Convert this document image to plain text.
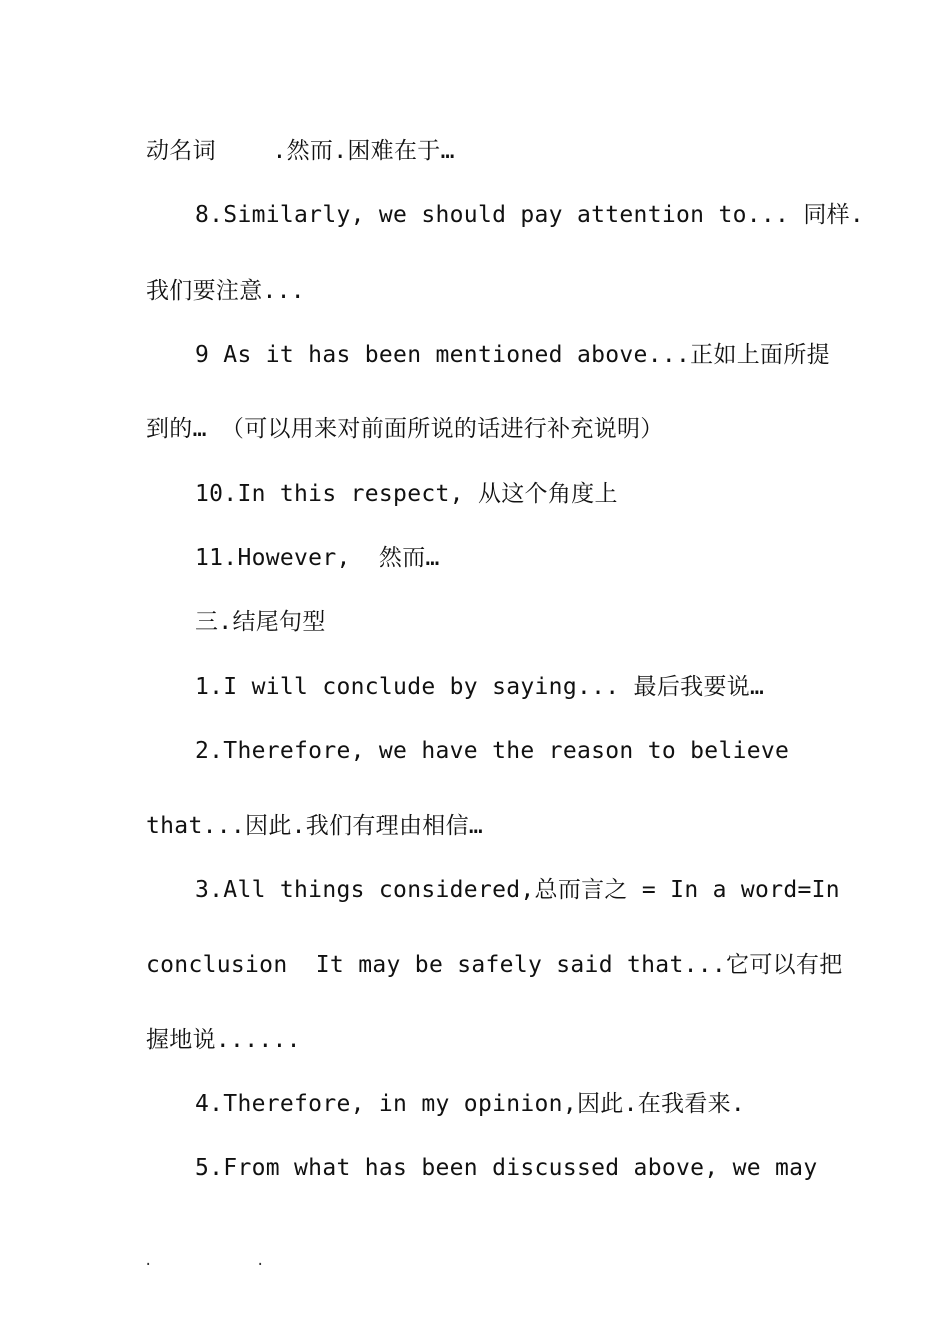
动名词    .然而.困难在于…
8.Similarly, we should pay attention to... 同样.
我们要注意...
9 As it has been mentioned above...正如上面所提
到的… （可以用来对前面所说的话进行补充说明）
10.In this respect, 从这个角度上
11.However,  然而…
三.结尾句型
1.I will conclude by saying... 最后我要说…
2.Therefore, we have the reason to believe
that...因此.我们有理由相信…
3.All things considered,总而言之 = In a word=In
conclusion  It may be safely said that...它可以有把
握地说......
4.Therefore, in my opinion,因此.在我看来.
5.From what has been discussed above, we may
.	.
